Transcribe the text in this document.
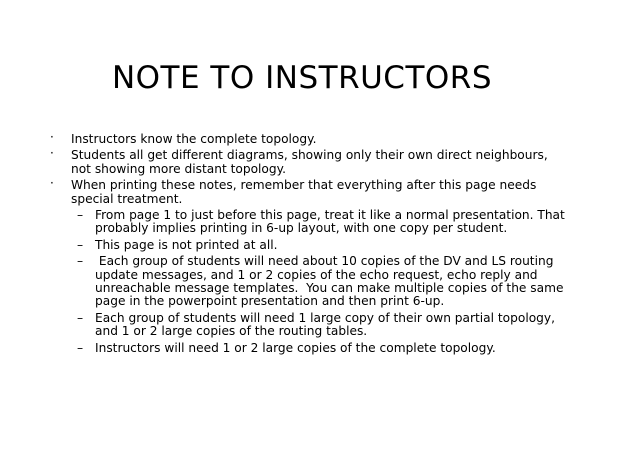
NOTE TO INSTRUCTORS
· Instructors know the complete topology.
· Students all get different diagrams, showing only their own direct neighbours, not showing more distant topology.
· When printing these notes, remember that everything after this page needs special treatment.
– From page 1 to just before this page, treat it like a normal presentation. That probably implies printing in 6-up layout, with one copy per student.
– This page is not printed at all.
– Each group of students will need about 10 copies of the DV and LS routing update messages, and 1 or 2 copies of the echo request, echo reply and unreachable message templates.  You can make multiple copies of the same page in the powerpoint presentation and then print 6-up.
– Each group of students will need 1 large copy of their own partial topology, and 1 or 2 large copies of the routing tables.
– Instructors will need 1 or 2 large copies of the complete topology.
